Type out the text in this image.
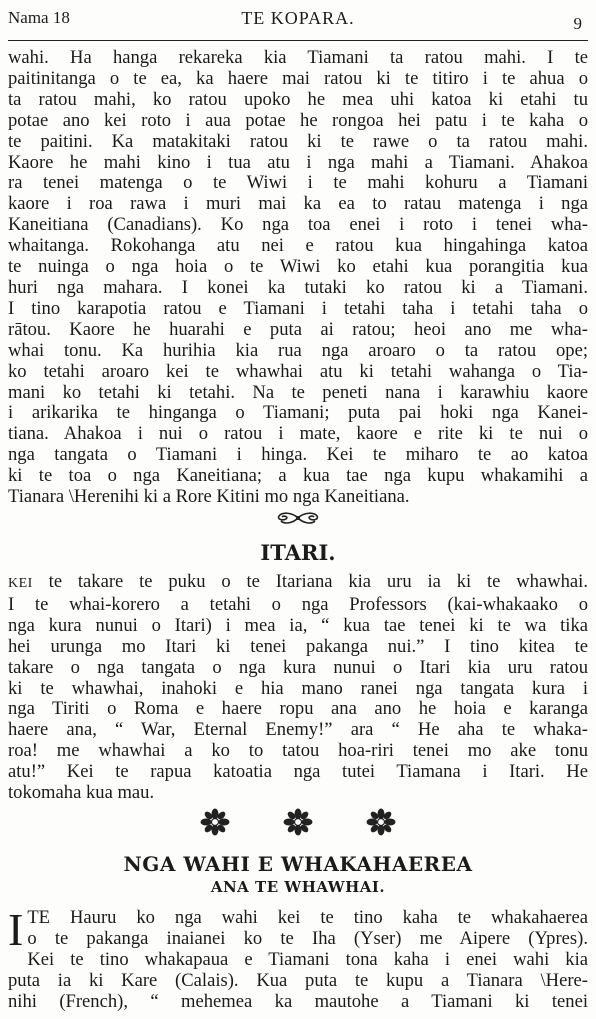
Nama 18	TE KOPARA.	9
wahi. Ha hanga rekareka kia Tiamani ta ratou mahi. I te
paitinitanga o te ea, ka haere mai ratou ki te titiro i te ahua o
ta ratou mahi, ko ratou upoko he mea uhi katoa ki etahi tu
potae ano kei roto i aua potae he rongoa hei patu i te kaha o
te paitini. Ka matakitaki ratou ki te rawe o ta ratou mahi.
Kaore he mahi kino i tua atu i nga mahi a Tiamani. Ahakoa
ra tenei matenga o te Wiwi i te mahi kohuru a Tiamani
kaore i roa rawa i muri mai ka ea to ratau matenga i nga
Kaneitiana (Canadians). Ko nga toa enei i roto i tenei wha-
whaitanga. Rokohanga atu nei e ratou kua hingahinga katoa
te nuinga o nga hoia o te Wiwi ko etahi kua porangitia kua
huri nga mahara. I konei ka tutaki ko ratou ki a Tiamani.
I tino karapotia ratou e Tiamani i tetahi taha i tetahi taha o
rātou. Kaore he huarahi e puta ai ratou; heoi ano me wha-
whai tonu. Ka hurihia kia rua nga aroaro o ta ratou ope;
ko tetahi aroaro kei te whawhai atu ki tetahi wahanga o Tia-
mani ko tetahi ki tetahi. Na te peneti nana i karawhiu kaore
i arikarika te hinganga o Tiamani; puta pai hoki nga Kanei-
tiana. Ahakoa i nui o ratou i mate, kaore e rite ki te nui o
nga tangata o Tiamani i hinga. Kei te miharo te ao katoa
ki te toa o nga Kaneitiana; a kua tae nga kupu whakamihi a
Tianara \Herenihi ki a Rore Kitini mo nga Kaneitiana.
ITARI.
KEI te takare te puku o te Itariana kia uru ia ki te whawhai.
I te whai-korero a tetahi o nga Professors (kai-whakaako o
nga kura nunui o Itari) i mea ia, “ kua tae tenei ki te wa tika
hei urunga mo Itari ki tenei pakanga nui.” I tino kitea te
takare o nga tangata o nga kura nunui o Itari kia uru ratou
ki te whawhai, inahoki e hia mano ranei nga tangata kura i
nga Tiriti o Roma e haere ropu ana ano he hoia e karanga
haere ana, “ War, Eternal Enemy!” ara “ He aha te whaka-
roa! me whawhai a ko to tatou hoa-riri tenei mo ake tonu
atu!” Kei te rapua katoatia nga tutei Tiamana i Itari. He
tokomaha kua mau.

NGA WAHI E WHAKAHAEREA
ANA TE WHAWHAI.
I TE Hauru ko nga wahi kei te tino kaha te whakahaerea
o te pakanga inaianei ko te Iha (Yser) me Aipere (Ypres).
Kei te tino whakapaua e Tiamani tona kaha i enei wahi kia
puta ia ki Kare (Calais). Kua puta te kupu a Tianara \Here-
nihi (French), “ mehemea ka mautohe a Tiamani ki tenei
